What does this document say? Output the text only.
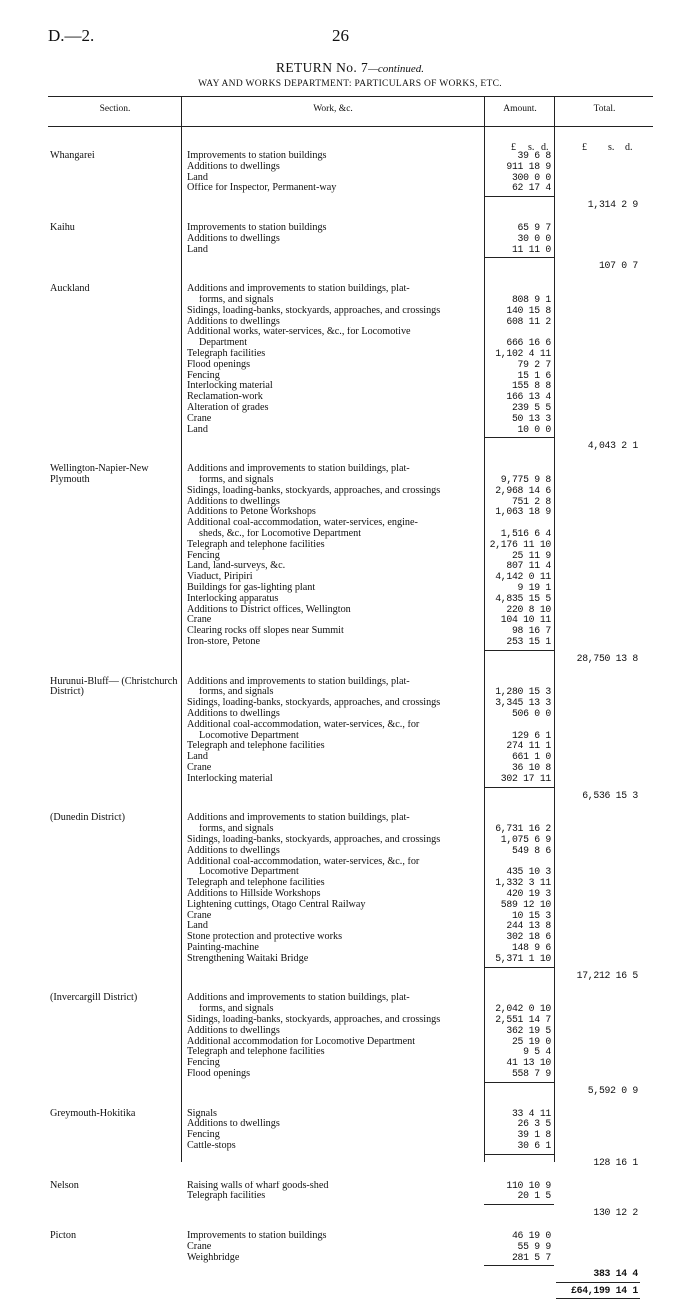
D.—2.	26
RETURN No. 7—continued.
WAY AND WORKS DEPARTMENT: PARTICULARS OF WORKS, ETC.
Section.	Work, &c.	Amount.	Total.
£ s. d.	£ s. d.
Whangarei	Improvements to station buildings	39 6 8
Additions to dwellings	911 18 9
Land	300 0 0
Office for Inspector, Permanent-way	62 17 4
1,314 2 9
Kaihu	Improvements to station buildings	65 9 7
Additions to dwellings	30 0 0
Land	11 11 0
107 0 7
Auckland	Additions and improvements to station buildings, plat-
forms, and signals	808 9 1
Sidings, loading-banks, stockyards, approaches, and crossings	140 15 8
Additions to dwellings	608 11 2
Additional works, water-services, &c., for Locomotive
Department	666 16 6
Telegraph facilities	1,102 4 11
Flood openings	79 2 7
Fencing	15 1 6
Interlocking material	155 8 8
Reclamation-work	166 13 4
Alteration of grades	239 5 5
Crane	50 13 3
Land	10 0 0
4,043 2 1
Wellington-Napier-New Plymouth
Additions and improvements to station buildings, plat-
forms, and signals	9,775 9 8
Sidings, loading-banks, stockyards, approaches, and crossings	2,968 14 6
Additions to dwellings	751 2 8
Additions to Petone Workshops	1,063 18 9
Additional coal-accommodation, water-services, engine-
sheds, &c., for Locomotive Department	1,516 6 4
Telegraph and telephone facilities	2,176 11 10
Fencing	25 11 9
Land, land-surveys, &c.	807 11 4
Viaduct, Piripiri	4,142 0 11
Buildings for gas-lighting plant	9 19 1
Interlocking apparatus	4,835 15 5
Additions to District offices, Wellington	220 8 10
Crane	104 10 11
Clearing rocks off slopes near Summit	98 16 7
Iron-store, Petone	253 15 1
28,750 13 8
Hurunui-Bluff— (Christchurch District)
Additions and improvements to station buildings, plat-
forms, and signals	1,280 15 3
Sidings, loading-banks, stockyards, approaches, and crossings	3,345 13 3
Additions to dwellings	506 0 0
Additional coal-accommodation, water-services, &c., for
Locomotive Department	129 6 1
Telegraph and telephone facilities	274 11 1
Land	661 1 0
Crane	36 10 8
Interlocking material	302 17 11
6,536 15 3
(Dunedin District)	Additions and improvements to station buildings, plat-
forms, and signals	6,731 16 2
Sidings, loading-banks, stockyards, approaches, and crossings	1,075 6 9
Additions to dwellings	549 8 6
Additional coal-accommodation, water-services, &c., for
Locomotive Department	435 10 3
Telegraph and telephone facilities	1,332 3 11
Additions to Hillside Workshops	420 19 3
Lightening cuttings, Otago Central Railway	589 12 10
Crane	10 15 3
Land	244 13 8
Stone protection and protective works	302 18 6
Painting-machine	148 9 6
Strengthening Waitaki Bridge	5,371 1 10
17,212 16 5
(Invercargill District)	Additions and improvements to station buildings, plat-
forms, and signals	2,042 0 10
Sidings, loading-banks, stockyards, approaches, and crossings	2,551 14 7
Additions to dwellings	362 19 5
Additional accommodation for Locomotive Department	25 19 0
Telegraph and telephone facilities	9 5 4
Fencing	41 13 10
Flood openings	558 7 9
5,592 0 9
Greymouth-Hokitika	Signals	33 4 11
Additions to dwellings	26 3 5
Fencing	39 1 8
Cattle-stops	30 6 1
128 16 1
Nelson	Raising walls of wharf goods-shed	110 10 9
Telegraph facilities	20 1 5
130 12 2
Picton	Improvements to station buildings	46 19 0
Crane	55 9 9
Weighbridge	281 5 7
383 14 4
£64,199 14 1
